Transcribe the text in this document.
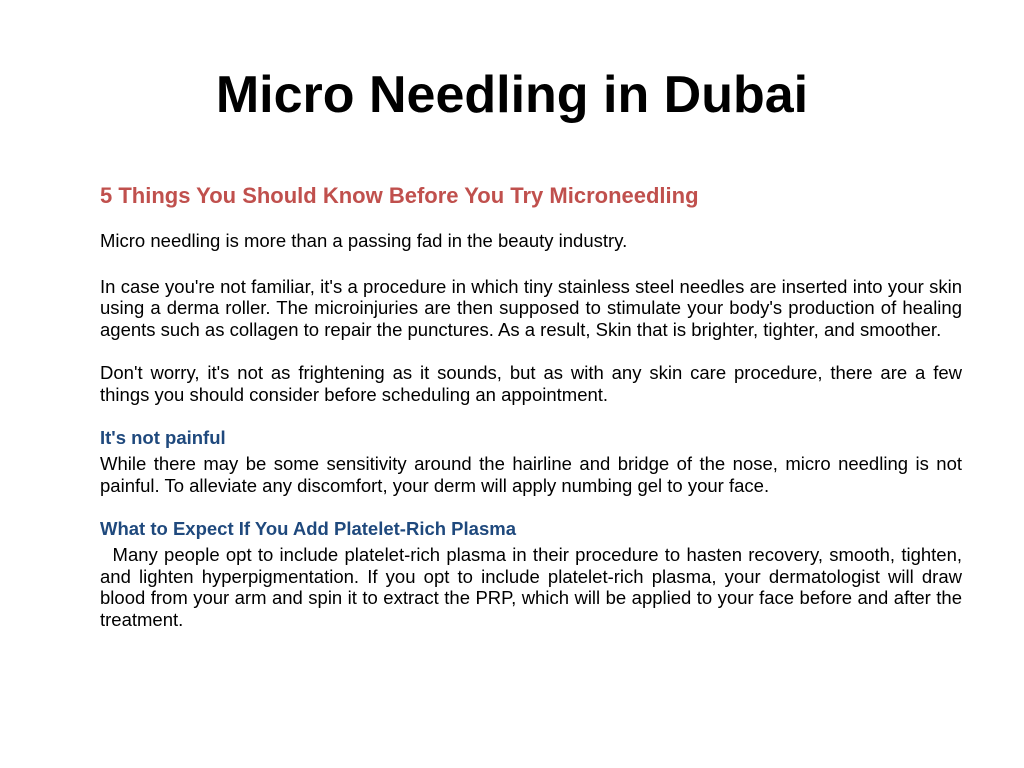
Micro Needling in Dubai
5 Things You Should Know Before You Try Microneedling

Micro needling is more than a passing fad in the beauty industry.

In case you're not familiar, it's a procedure in which tiny stainless steel needles are inserted into your skin using a derma roller. The microinjuries are then supposed to stimulate your body's production of healing agents such as collagen to repair the punctures. As a result, Skin that is brighter, tighter, and smoother.

Don't worry, it's not as frightening as it sounds, but as with any skin care procedure, there are a few things you should consider before scheduling an appointment.

It's not painful

While there may be some sensitivity around the hairline and bridge of the nose, micro needling is not painful. To alleviate any discomfort, your derm will apply numbing gel to your face.

What to Expect If You Add Platelet-Rich Plasma

Many people opt to include platelet-rich plasma in their procedure to hasten recovery, smooth, tighten, and lighten hyperpigmentation. If you opt to include platelet-rich plasma, your dermatologist will draw blood from your arm and spin it to extract the PRP, which will be applied to your face before and after the treatment.
